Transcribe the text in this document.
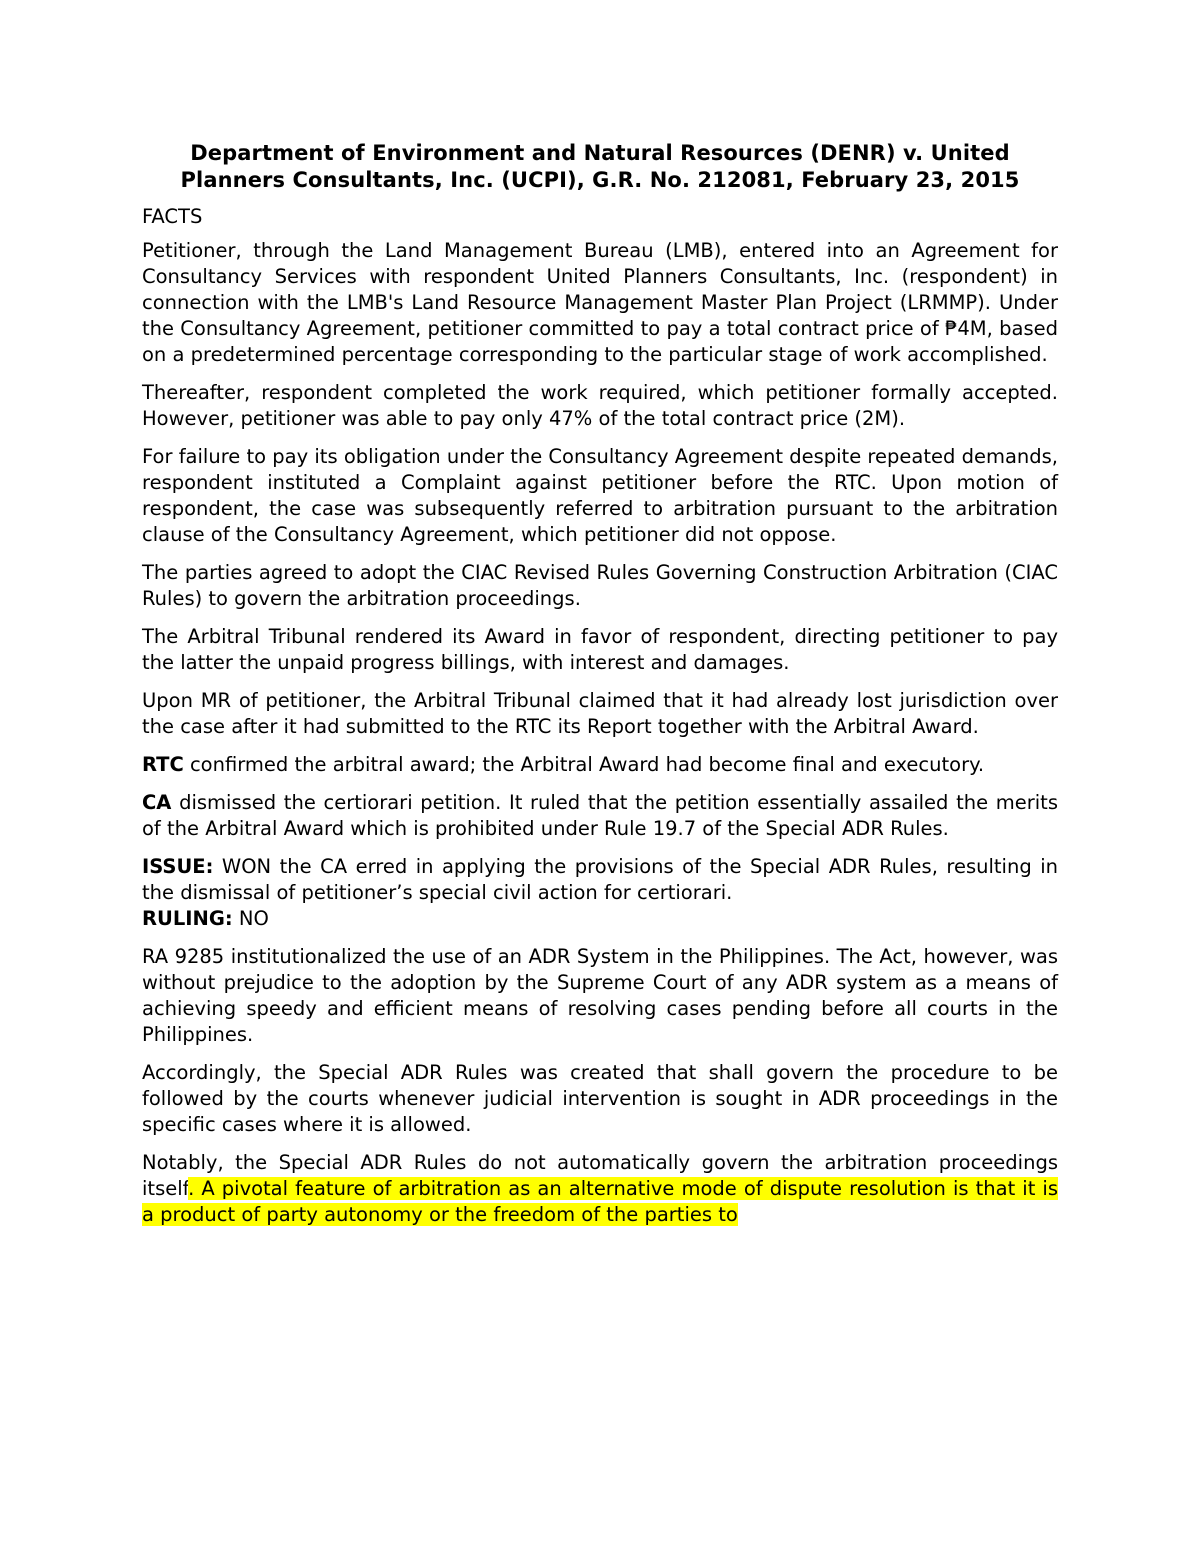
Department of Environment and Natural Resources (DENR) v. United
Planners Consultants, Inc. (UCPI), G.R. No. 212081, February 23, 2015
FACTS

Petitioner, through the Land Management Bureau (LMB), entered into an Agreement for Consultancy Services with respondent United Planners Consultants, Inc. (respondent) in connection with the LMB's Land Resource Management Master Plan Project (LRMMP). Under the Consultancy Agreement, petitioner committed to pay a total contract price of ₱4M, based on a predetermined percentage corresponding to the particular stage of work accomplished.

Thereafter, respondent completed the work required, which petitioner formally accepted. However, petitioner was able to pay only 47% of the total contract price (2M).

For failure to pay its obligation under the Consultancy Agreement despite repeated demands, respondent instituted a Complaint against petitioner before the RTC. Upon motion of respondent, the case was subsequently referred to arbitration pursuant to the arbitration clause of the Consultancy Agreement, which petitioner did not oppose.

The parties agreed to adopt the CIAC Revised Rules Governing Construction Arbitration (CIAC Rules) to govern the arbitration proceedings.

The Arbitral Tribunal rendered its Award in favor of respondent, directing petitioner to pay the latter the unpaid progress billings, with interest and damages.

Upon MR of petitioner, the Arbitral Tribunal claimed that it had already lost jurisdiction over the case after it had submitted to the RTC its Report together with the Arbitral Award.

RTC confirmed the arbitral award; the Arbitral Award had become final and executory.

CA dismissed the certiorari petition. It ruled that the petition essentially assailed the merits of the Arbitral Award which is prohibited under Rule 19.7 of the Special ADR Rules.

ISSUE: WON the CA erred in applying the provisions of the Special ADR Rules, resulting in the dismissal of petitioner’s special civil action for certiorari.

RULING: NO

RA 9285 institutionalized the use of an ADR System in the Philippines. The Act, however, was without prejudice to the adoption by the Supreme Court of any ADR system as a means of achieving speedy and efficient means of resolving cases pending before all courts in the Philippines.

Accordingly, the Special ADR Rules was created that shall govern the procedure to be followed by the courts whenever judicial intervention is sought in ADR proceedings in the specific cases where it is allowed.

Notably, the Special ADR Rules do not automatically govern the arbitration proceedings itself. A pivotal feature of arbitration as an alternative mode of dispute resolution is that it is a product of party autonomy or the freedom of the parties to
